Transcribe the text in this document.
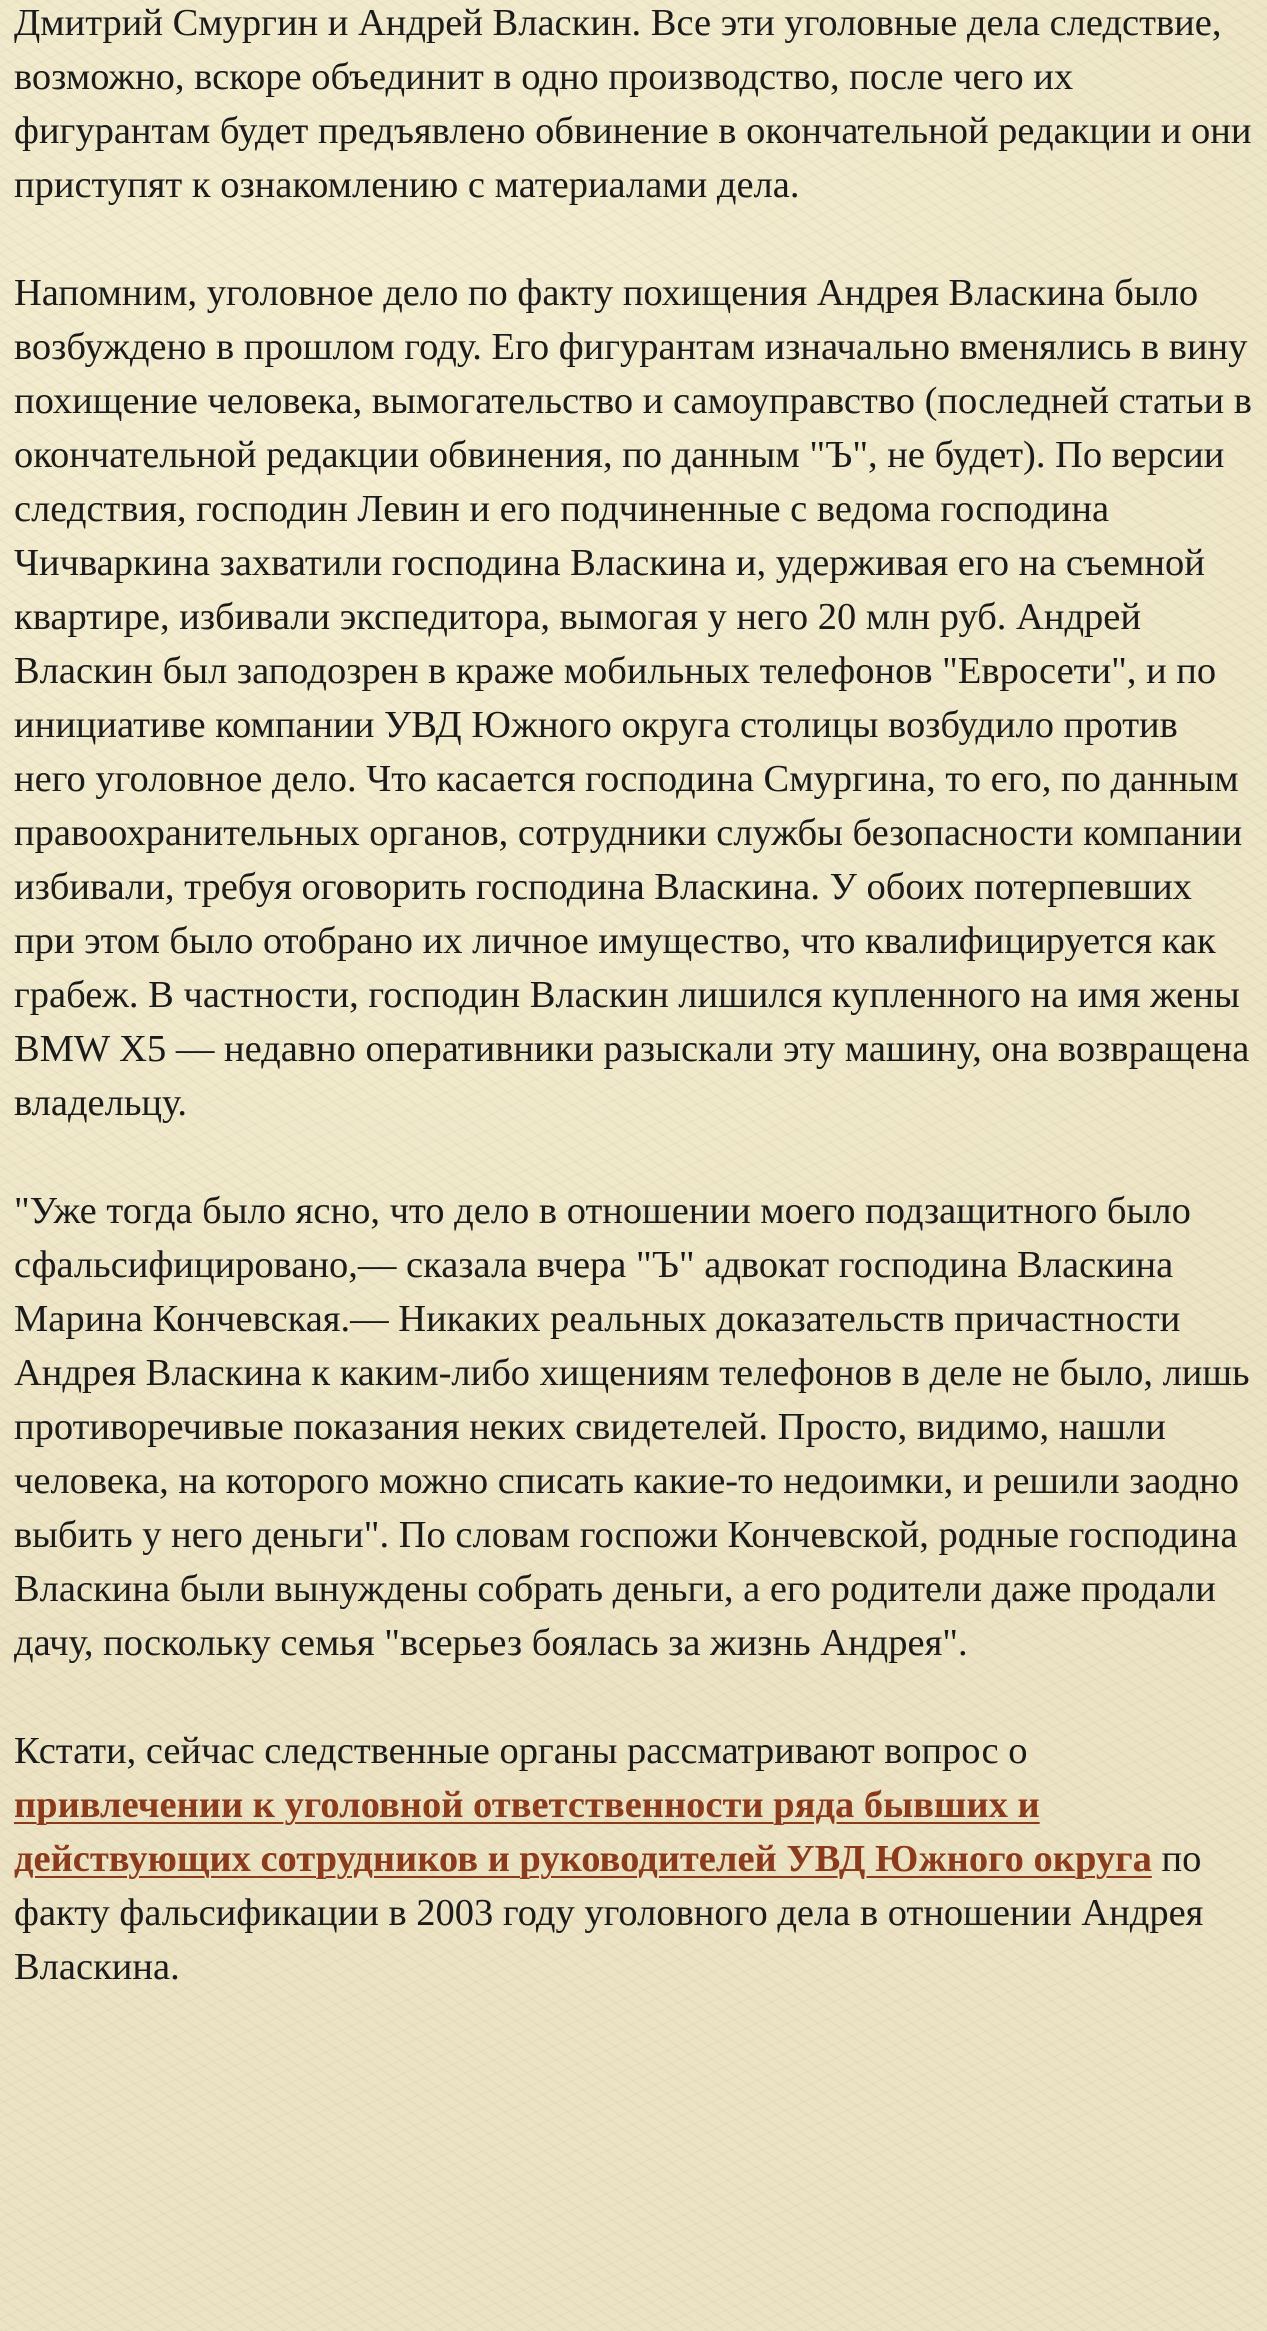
Дмитрий Смургин и Андрей Власкин. Все эти уголовные дела следствие, возможно, вскоре объединит в одно производство, после чего их фигурантам будет предъявлено обвинение в окончательной редакции и они приступят к ознакомлению с материалами дела.

Напомним, уголовное дело по факту похищения Андрея Власкина было возбуждено в прошлом году. Его фигурантам изначально вменялись в вину похищение человека, вымогательство и самоуправство (последней статьи в окончательной редакции обвинения, по данным "Ъ", не будет). По версии следствия, господин Левин и его подчиненные с ведома господина Чичваркина захватили господина Власкина и, удерживая его на съемной квартире, избивали экспедитора, вымогая у него 20 млн руб. Андрей Власкин был заподозрен в краже мобильных телефонов "Евросети", и по инициативе компании УВД Южного округа столицы возбудило против него уголовное дело. Что касается господина Смургина, то его, по данным правоохранительных органов, сотрудники службы безопасности компании избивали, требуя оговорить господина Власкина. У обоих потерпевших при этом было отобрано их личное имущество, что квалифицируется как грабеж. В частности, господин Власкин лишился купленного на имя жены BMW X5 — недавно оперативники разыскали эту машину, она возвращена владельцу.

"Уже тогда было ясно, что дело в отношении моего подзащитного было сфальсифицировано,— сказала вчера "Ъ" адвокат господина Власкина Марина Кончевская.— Никаких реальных доказательств причастности Андрея Власкина к каким-либо хищениям телефонов в деле не было, лишь противоречивые показания неких свидетелей. Просто, видимо, нашли человека, на которого можно списать какие-то недоимки, и решили заодно выбить у него деньги". По словам госпожи Кончевской, родные господина Власкина были вынуждены собрать деньги, а его родители даже продали дачу, поскольку семья "всерьез боялась за жизнь Андрея".

Кстати, сейчас следственные органы рассматривают вопрос о привлечении к уголовной ответственности ряда бывших и действующих сотрудников и руководителей УВД Южного округа по факту фальсификации в 2003 году уголовного дела в отношении Андрея Власкина.
